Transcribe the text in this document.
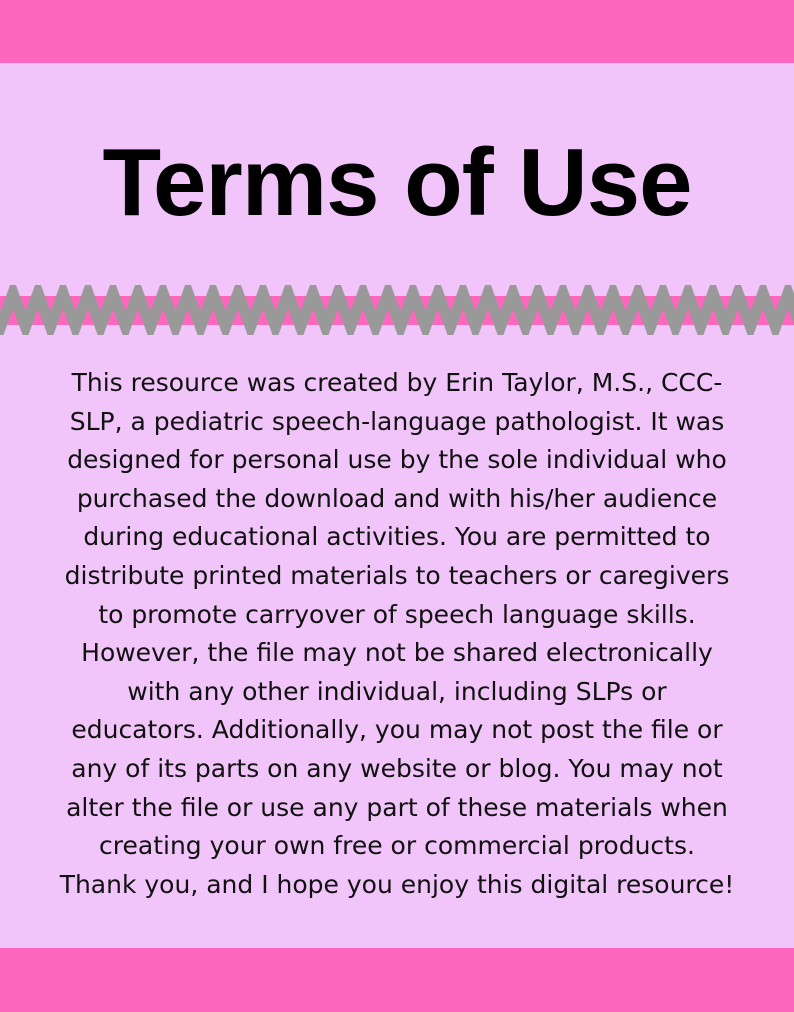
Terms of Use
This resource was created by Erin Taylor, M.S., CCC-
SLP, a pediatric speech-language pathologist. It was
designed for personal use by the sole individual who
purchased the download and with his/her audience
during educational activities. You are permitted to
distribute printed materials to teachers or caregivers
to promote carryover of speech language skills.
However, the file may not be shared electronically
with any other individual, including SLPs or
educators. Additionally, you may not post the file or
any of its parts on any website or blog. You may not
alter the file or use any part of these materials when
creating your own free or commercial products.
Thank you, and I hope you enjoy this digital resource!
